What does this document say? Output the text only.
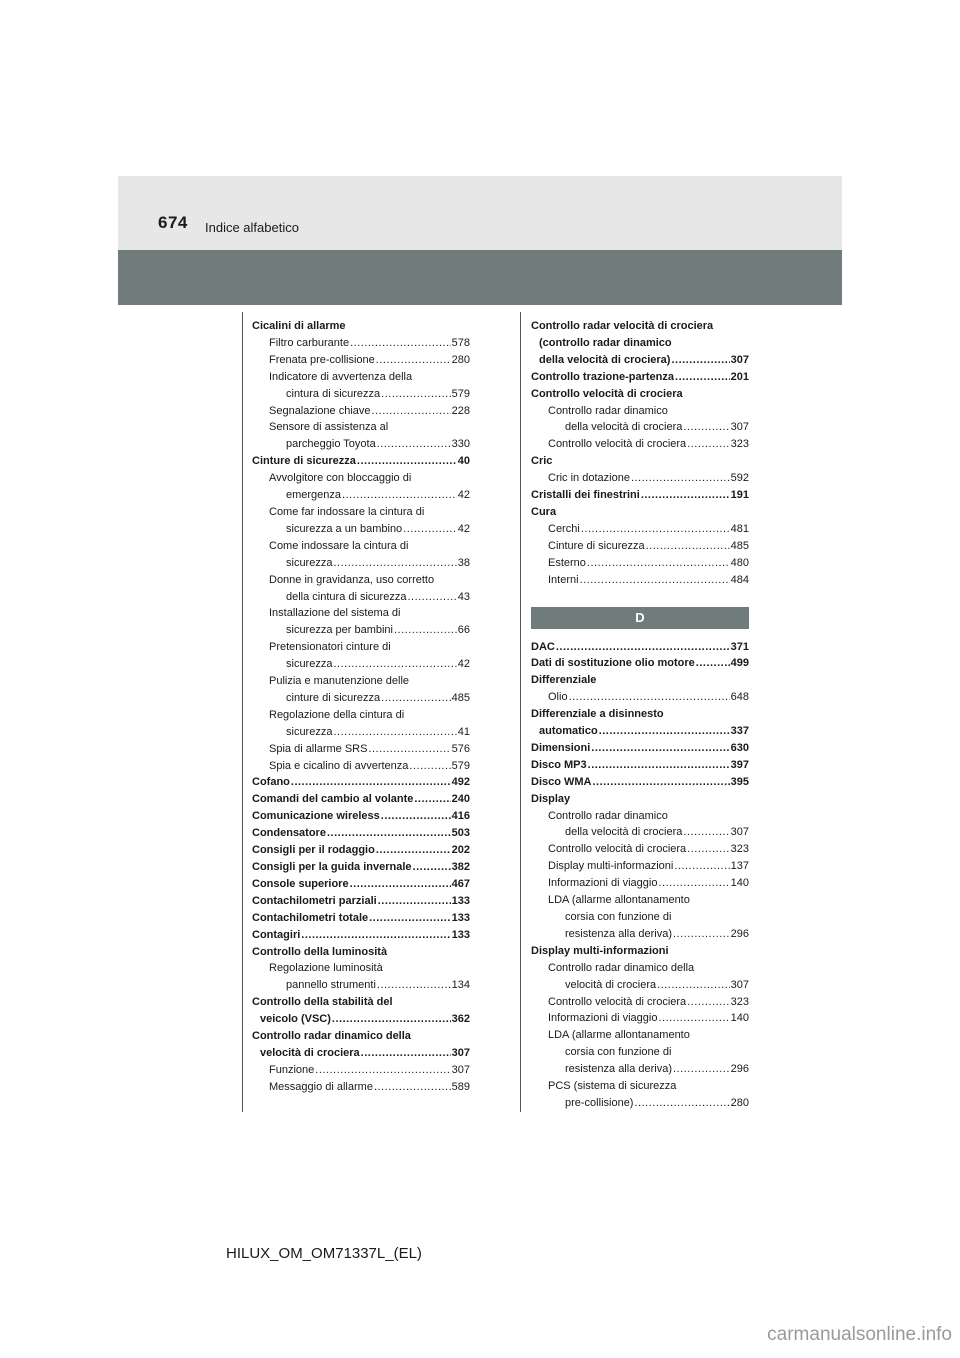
674 Indice alfabetico
Cicalini di allarme
Filtro carburante .....	578
Frenata pre-collisione .....	280
Indicatore di avvertenza della
cintura di sicurezza .....	579
Segnalazione chiave .....	228
Sensore di assistenza al
parcheggio Toyota .....	330
Cinture di sicurezza .....	40
Avvolgitore con bloccaggio di
emergenza .....	42
Come far indossare la cintura di
sicurezza a un bambino .....	42
Come indossare la cintura di
sicurezza .....	38
Donne in gravidanza, uso corretto
della cintura di sicurezza .....	43
Installazione del sistema di
sicurezza per bambini .....	66
Pretensionatori cinture di
sicurezza .....	42
Pulizia e manutenzione delle
cinture di sicurezza .....	485
Regolazione della cintura di
sicurezza .....	41
Spia di allarme SRS .....	576
Spia e cicalino di avvertenza .....	579
Cofano .....	492
Comandi del cambio al volante .....	240
Comunicazione wireless .....	416
Condensatore .....	503
Consigli per il rodaggio .....	202
Consigli per la guida invernale .....	382
Console superiore .....	467
Contachilometri parziali .....	133
Contachilometri totale .....	133
Contagiri .....	133
Controllo della luminosità
Regolazione luminosità
pannello strumenti .....	134
Controllo della stabilità del
veicolo (VSC) .....	362
Controllo radar dinamico della
velocità di crociera .....	307
Funzione .....	307
Messaggio di allarme .....	589
Controllo radar velocità di crociera
(controllo radar dinamico
della velocità di crociera) .....	307
Controllo trazione-partenza .....	201
Controllo velocità di crociera
Controllo radar dinamico
della velocità di crociera .....	307
Controllo velocità di crociera .....	323
Cric
Cric in dotazione .....	592
Cristalli dei finestrini .....	191
Cura
Cerchi .....	481
Cinture di sicurezza .....	485
Esterno .....	480
Interni .....	484
D
DAC .....	371
Dati di sostituzione olio motore .....	499
Differenziale
Olio .....	648
Differenziale a disinnesto
automatico .....	337
Dimensioni .....	630
Disco MP3 .....	397
Disco WMA .....	395
Display
Controllo radar dinamico
della velocità di crociera .....	307
Controllo velocità di crociera .....	323
Display multi-informazioni .....	137
Informazioni di viaggio .....	140
LDA (allarme allontanamento
corsia con funzione di
resistenza alla deriva) .....	296
Display multi-informazioni
Controllo radar dinamico della
velocità di crociera .....	307
Controllo velocità di crociera .....	323
Informazioni di viaggio .....	140
LDA (allarme allontanamento
corsia con funzione di
resistenza alla deriva) .....	296
PCS (sistema di sicurezza
pre-collisione) .....	280
HILUX_OM_OM71337L_(EL)
carmanualsonline.info
